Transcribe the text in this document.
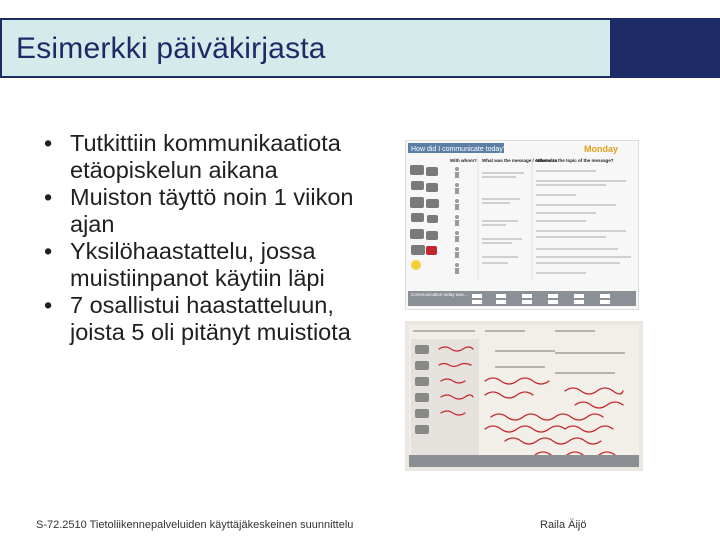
Esimerkki päiväkirjasta
• Tutkittiin kommunikaatiota etäopiskelun aikana
• Muiston täyttö noin 1 viikon ajan
• Yksilöhaastattelu, jossa muistiinpanot käytiin läpi
• 7 osallistui haastatteluun, joista 5 oli pitänyt muistiota
How did I communicate today?	Monday
With whom? What was the message / ordered to
What was the topic of the message?
Communication today was...
S-72.2510 Tietoliikennepalveluiden käyttäjäkeskeinen suunnittelu	Raila Äijö
